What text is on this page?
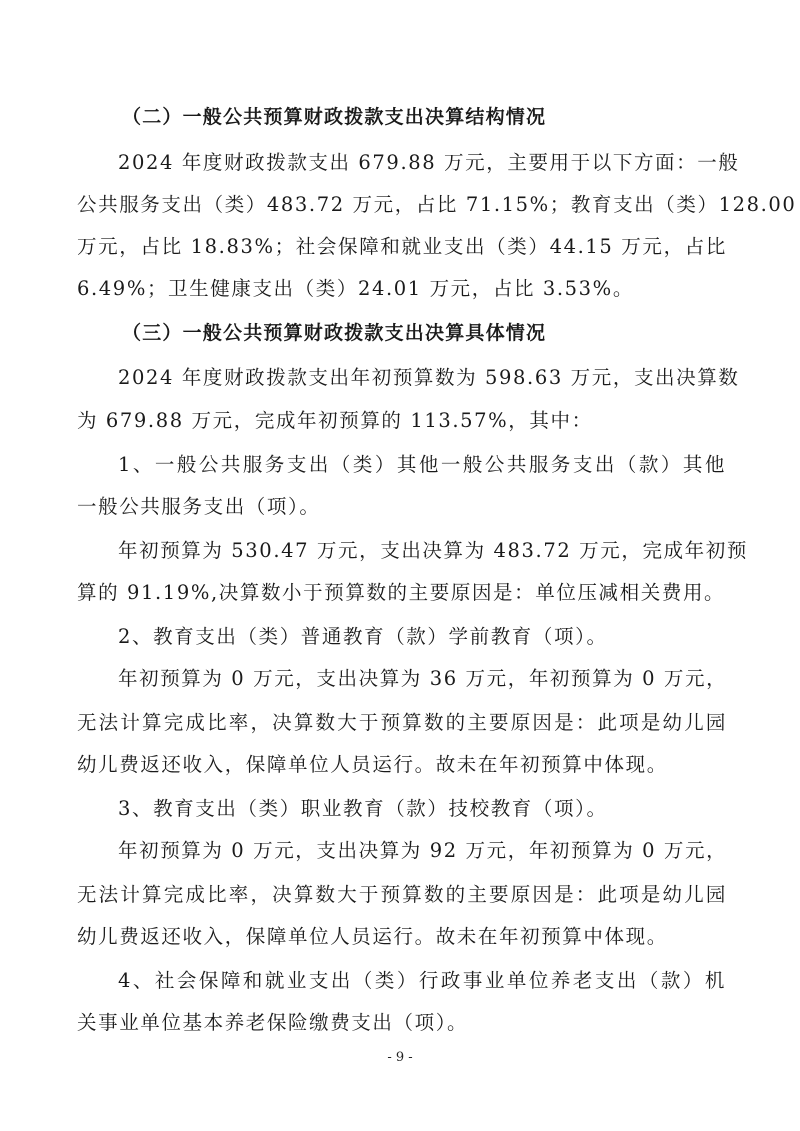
（二）一般公共预算财政拨款支出决算结构情况
2024 年度财政拨款支出 679.88 万元，主要用于以下方面：一般
公共服务支出（类）483.72 万元，占比 71.15%；教育支出（类）128.00
万元，占比 18.83%；社会保障和就业支出（类）44.15 万元，占比
6.49%；卫生健康支出（类）24.01 万元，占比 3.53%。
（三）一般公共预算财政拨款支出决算具体情况
2024 年度财政拨款支出年初预算数为 598.63 万元，支出决算数
为 679.88 万元，完成年初预算的 113.57%，其中：
1、一般公共服务支出（类）其他一般公共服务支出（款）其他
一般公共服务支出（项）。
年初预算为 530.47 万元，支出决算为 483.72 万元，完成年初预
算的 91.19%,决算数小于预算数的主要原因是：单位压减相关费用。
2、教育支出（类）普通教育（款）学前教育（项）。
年初预算为 0 万元，支出决算为 36 万元，年初预算为 0 万元，
无法计算完成比率，决算数大于预算数的主要原因是：此项是幼儿园
幼儿费返还收入，保障单位人员运行。故未在年初预算中体现。
3、教育支出（类）职业教育（款）技校教育（项）。
年初预算为 0 万元，支出决算为 92 万元，年初预算为 0 万元，
无法计算完成比率，决算数大于预算数的主要原因是：此项是幼儿园
幼儿费返还收入，保障单位人员运行。故未在年初预算中体现。
4、社会保障和就业支出（类）行政事业单位养老支出（款）机
关事业单位基本养老保险缴费支出（项）。
- 9 -
